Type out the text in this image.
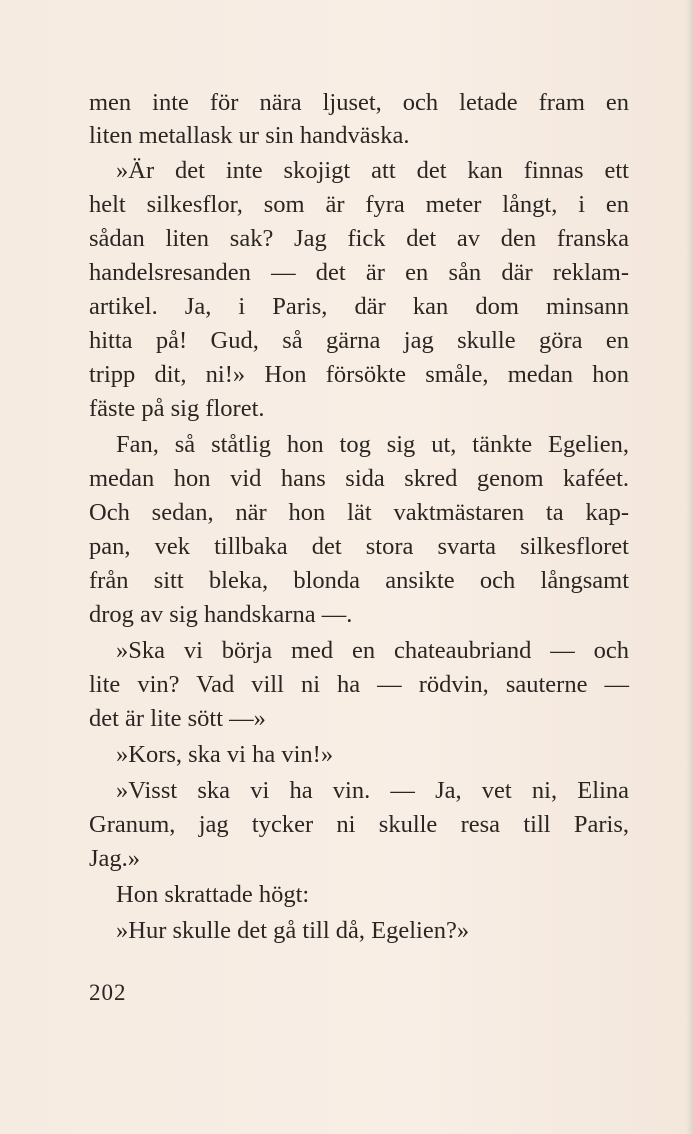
men inte för nära ljuset, och letade fram en
liten metallask ur sin handväska.
»Är det inte skojigt att det kan finnas ett
helt silkesflor, som är fyra meter långt, i en
sådan liten sak? Jag fick det av den franska
handelsresanden — det är en sån där reklam-
artikel. Ja, i Paris, där kan dom minsann
hitta på! Gud, så gärna jag skulle göra en
tripp dit, ni!» Hon försökte småle, medan hon
fäste på sig floret.
Fan, så ståtlig hon tog sig ut, tänkte Egelien,
medan hon vid hans sida skred genom kaféet.
Och sedan, när hon lät vaktmästaren ta kap-
pan, vek tillbaka det stora svarta silkesfloret
från sitt bleka, blonda ansikte och långsamt
drog av sig handskarna —.
»Ska vi börja med en chateaubriand — och
lite vin? Vad vill ni ha — rödvin, sauterne —
det är lite sött —»
»Kors, ska vi ha vin!»
»Visst ska vi ha vin. — Ja, vet ni, Elina
Granum, jag tycker ni skulle resa till Paris,
Jag.»
Hon skrattade högt:
»Hur skulle det gå till då, Egelien?»
202
